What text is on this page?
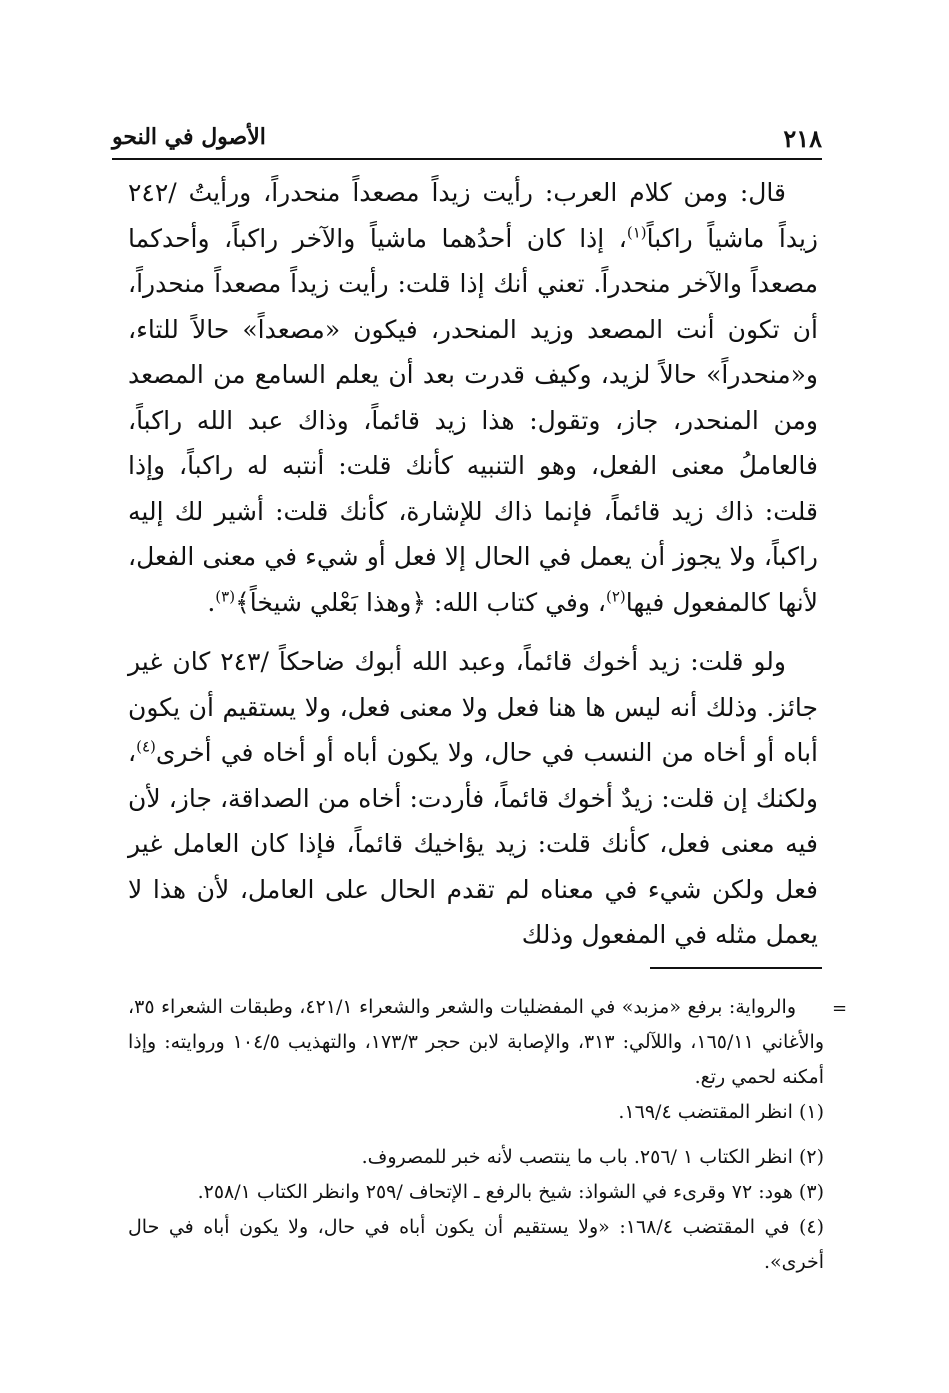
٢١٨
الأصول في النحو

قال: ومن كلام العرب: رأيت زيداً مصعداً منحدراً، ورأيتُ /٢٤٢ زيداً ماشياً راكباً$^{(١)}$، إذا كان أحدُهما ماشياً والآخر راكباً، وأحدكما مصعداً والآخر منحدراً. تعني أنك إذا قلت: رأيت زيداً مصعداً منحدراً، أن تكون أنت المصعد وزيد المنحدر، فيكون «مصعداً» حالاً للتاء، و«منحدراً» حالاً لزيد، وكيف قدرت بعد أن يعلم السامع من المصعد ومن المنحدر، جاز، وتقول: هذا زيد قائماً، وذاك عبد الله راكباً، فالعاملُ معنى الفعل، وهو التنبيه كأنك قلت: أنتبه له راكباً، وإذا قلت: ذاك زيد قائماً، فإنما ذاك للإشارة، كأنك قلت: أشير لك إليه راكباً، ولا يجوز أن يعمل في الحال إلا فعل أو شيء في معنى الفعل، لأنها كالمفعول فيها$^{(٢)}$، وفي كتاب الله: ﴿وهذا بَعْلي شيخاً﴾$^{(٣)}$.

ولو قلت: زيد أخوك قائماً، وعبد الله أبوك ضاحكاً /٢٤٣ كان غير جائز. وذلك أنه ليس ها هنا فعل ولا معنى فعل، ولا يستقيم أن يكون أباه أو أخاه من النسب في حال، ولا يكون أباه أو أخاه في أخرى$^{(٤)}$، ولكنك إن قلت: زيدٌ أخوك قائماً، فأردت: أخاه من الصداقة، جاز، لأن فيه معنى فعل، كأنك قلت: زيد يؤاخيك قائماً، فإذا كان العامل غير فعل ولكن شيء في معناه لم تقدم الحال على العامل، لأن هذا لا يعمل مثله في المفعول وذلك

=

والرواية: برفع «مزبد» في المفضليات والشعر والشعراء ٤٢١/١، وطبقات الشعراء ٣٥، والأغاني ١٦٥/١١، واللآلي: ٣١٣، والإصابة لابن حجر ١٧٣/٣، والتهذيب ١٠٤/٥ وروايته: وإذا أمكنه لحمي رتع.

(١) انظر المقتضب ١٦٩/٤.

(٢) انظر الكتاب ١ /٢٥٦. باب ما ينتصب لأنه خبر للمصروف.

(٣) هود: ٧٢ وقرىء في الشواذ: شيخ بالرفع ـ الإتحاف /٢٥٩ وانظر الكتاب ٢٥٨/١.

(٤) في المقتضب ١٦٨/٤: «ولا يستقيم أن يكون أباه في حال، ولا يكون أباه في حال أخرى».
